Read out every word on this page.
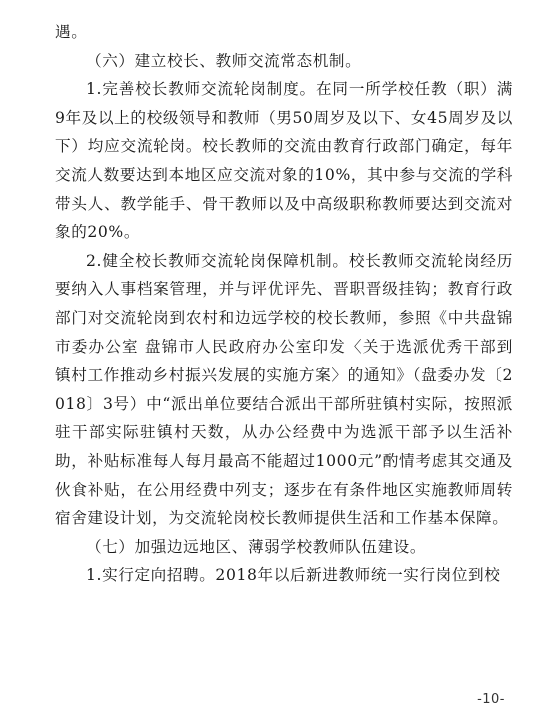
遇。

（六）建立校长、教师交流常态机制。

1.完善校长教师交流轮岗制度。在同一所学校任教（职）满9年及以上的校级领导和教师（男50周岁及以下、女45周岁及以下）均应交流轮岗。校长教师的交流由教育行政部门确定，每年交流人数要达到本地区应交流对象的10%，其中参与交流的学科带头人、教学能手、骨干教师以及中高级职称教师要达到交流对象的20%。

2.健全校长教师交流轮岗保障机制。校长教师交流轮岗经历要纳入人事档案管理，并与评优评先、晋职晋级挂钩；教育行政部门对交流轮岗到农村和边远学校的校长教师，参照《中共盘锦市委办公室 盘锦市人民政府办公室印发〈关于选派优秀干部到镇村工作推动乡村振兴发展的实施方案〉的通知》（盘委办发〔2018〕3号）中“派出单位要结合派出干部所驻镇村实际，按照派驻干部实际驻镇村天数，从办公经费中为选派干部予以生活补助，补贴标准每人每月最高不能超过1000元”酌情考虑其交通及伙食补贴，在公用经费中列支；逐步在有条件地区实施教师周转宿舍建设计划，为交流轮岗校长教师提供生活和工作基本保障。

（七）加强边远地区、薄弱学校教师队伍建设。

1.实行定向招聘。2018年以后新进教师统一实行岗位到校

-10-
